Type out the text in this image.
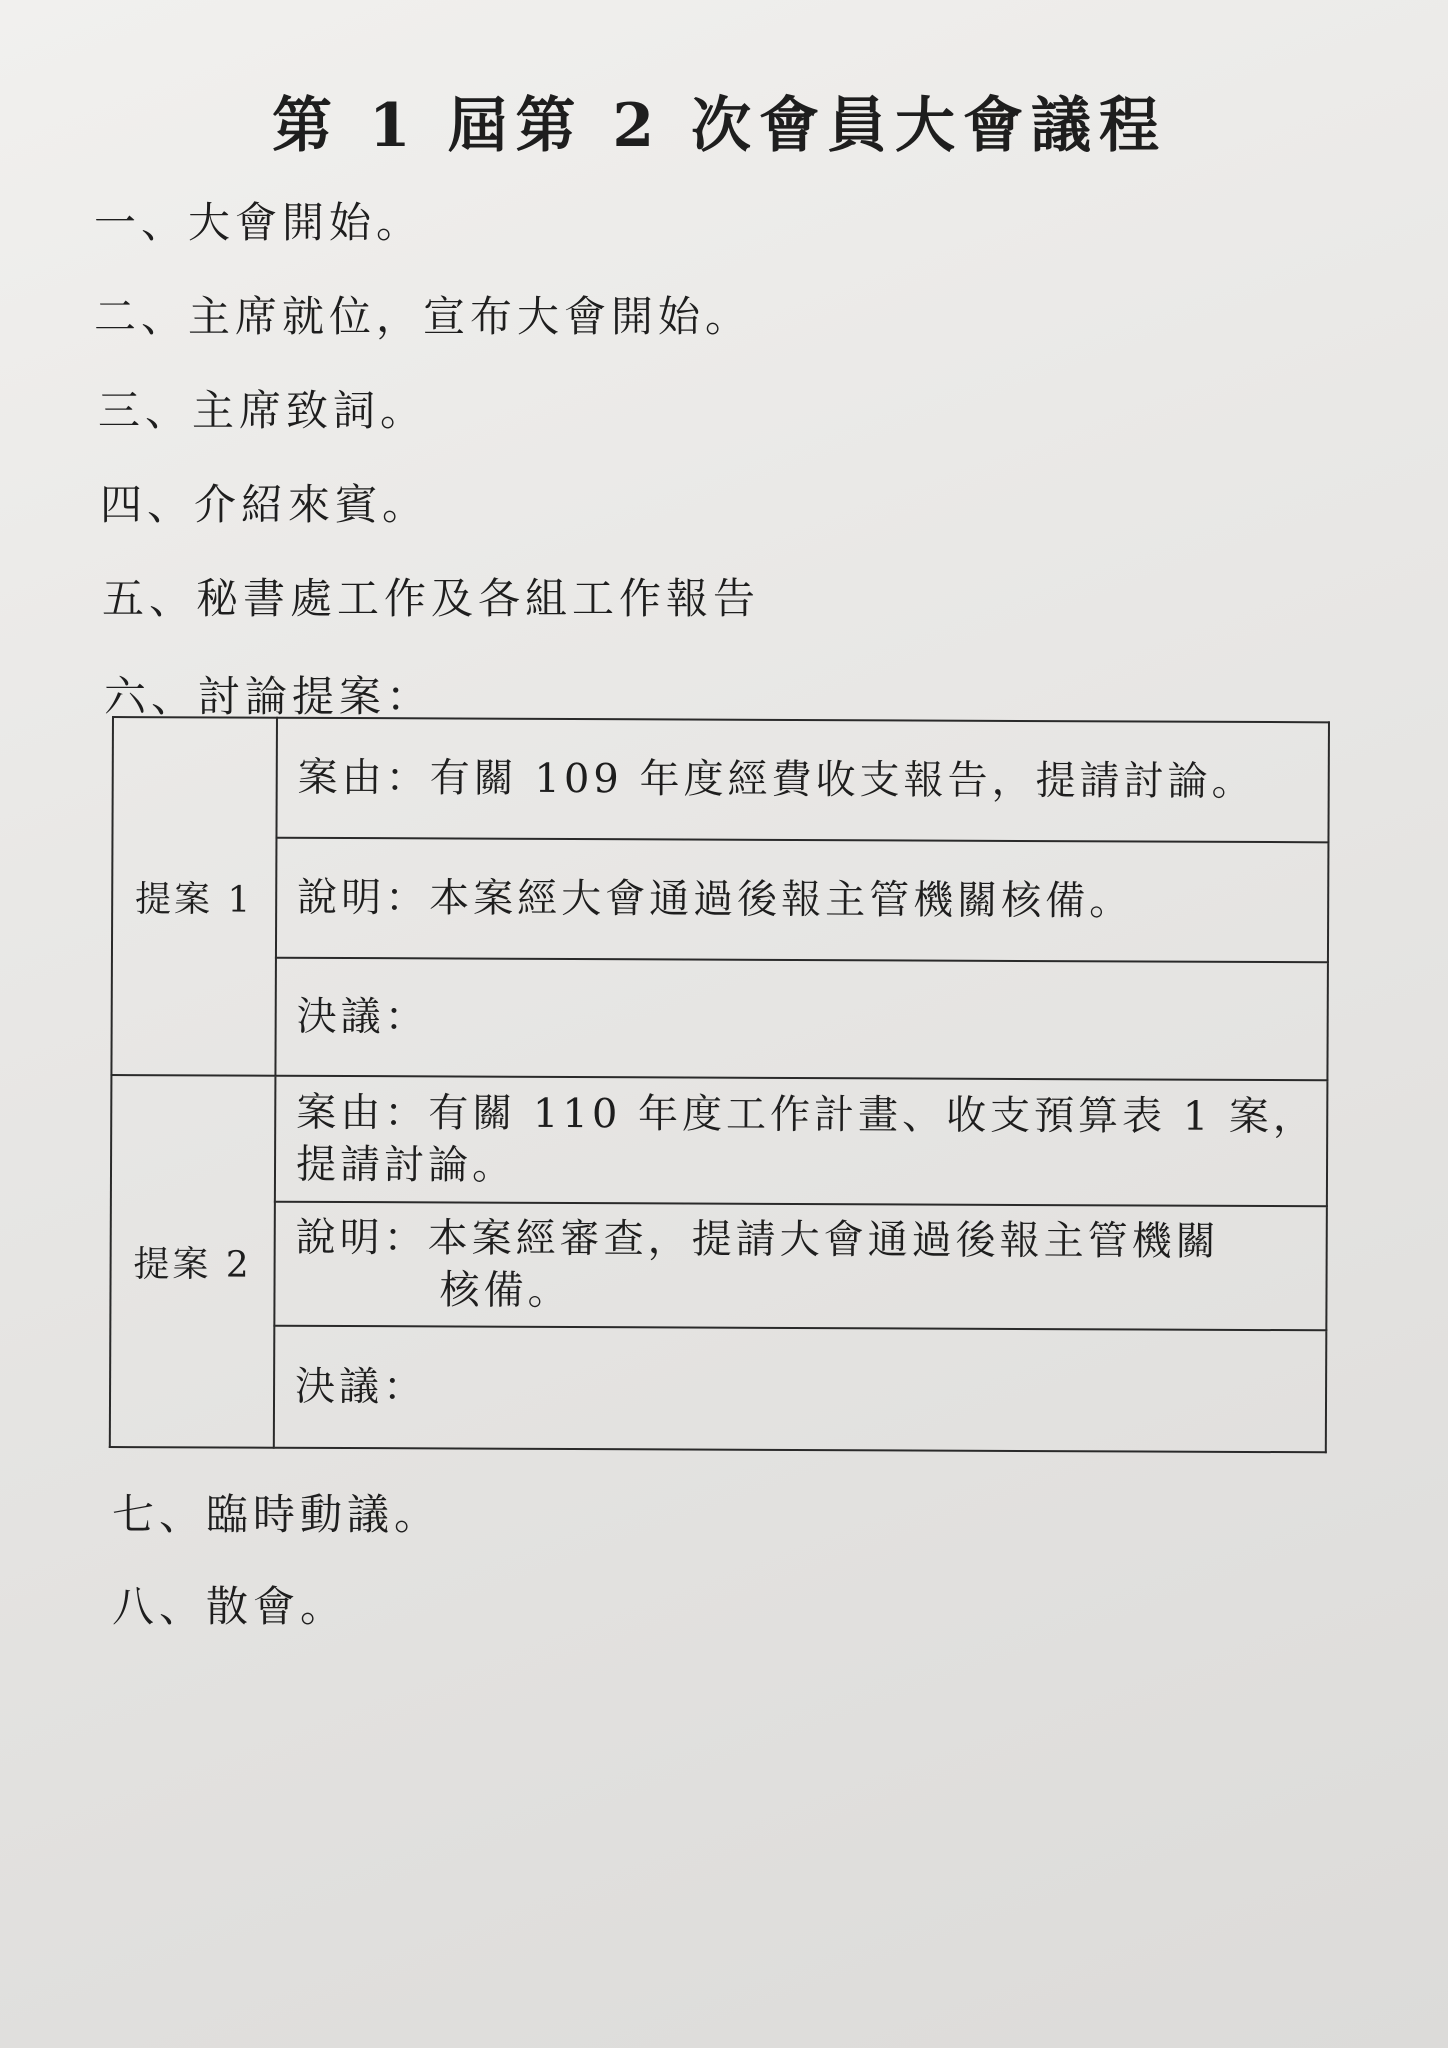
第 1 屆第 2 次會員大會議程
一、大會開始。
二、主席就位，宣布大會開始。
三、主席致詞。
四、介紹來賓。
五、秘書處工作及各組工作報告
六、討論提案：
提案 1	案由：有關 109 年度經費收支報告，提請討論。
	說明：本案經大會通過後報主管機關核備。
	決議：
提案 2	案由：有關 110 年度工作計畫、收支預算表 1 案，
提請討論。

	說明：本案經審查，提請大會通過後報主管機關
核備。

	決議：
七、臨時動議。
八、散會。
